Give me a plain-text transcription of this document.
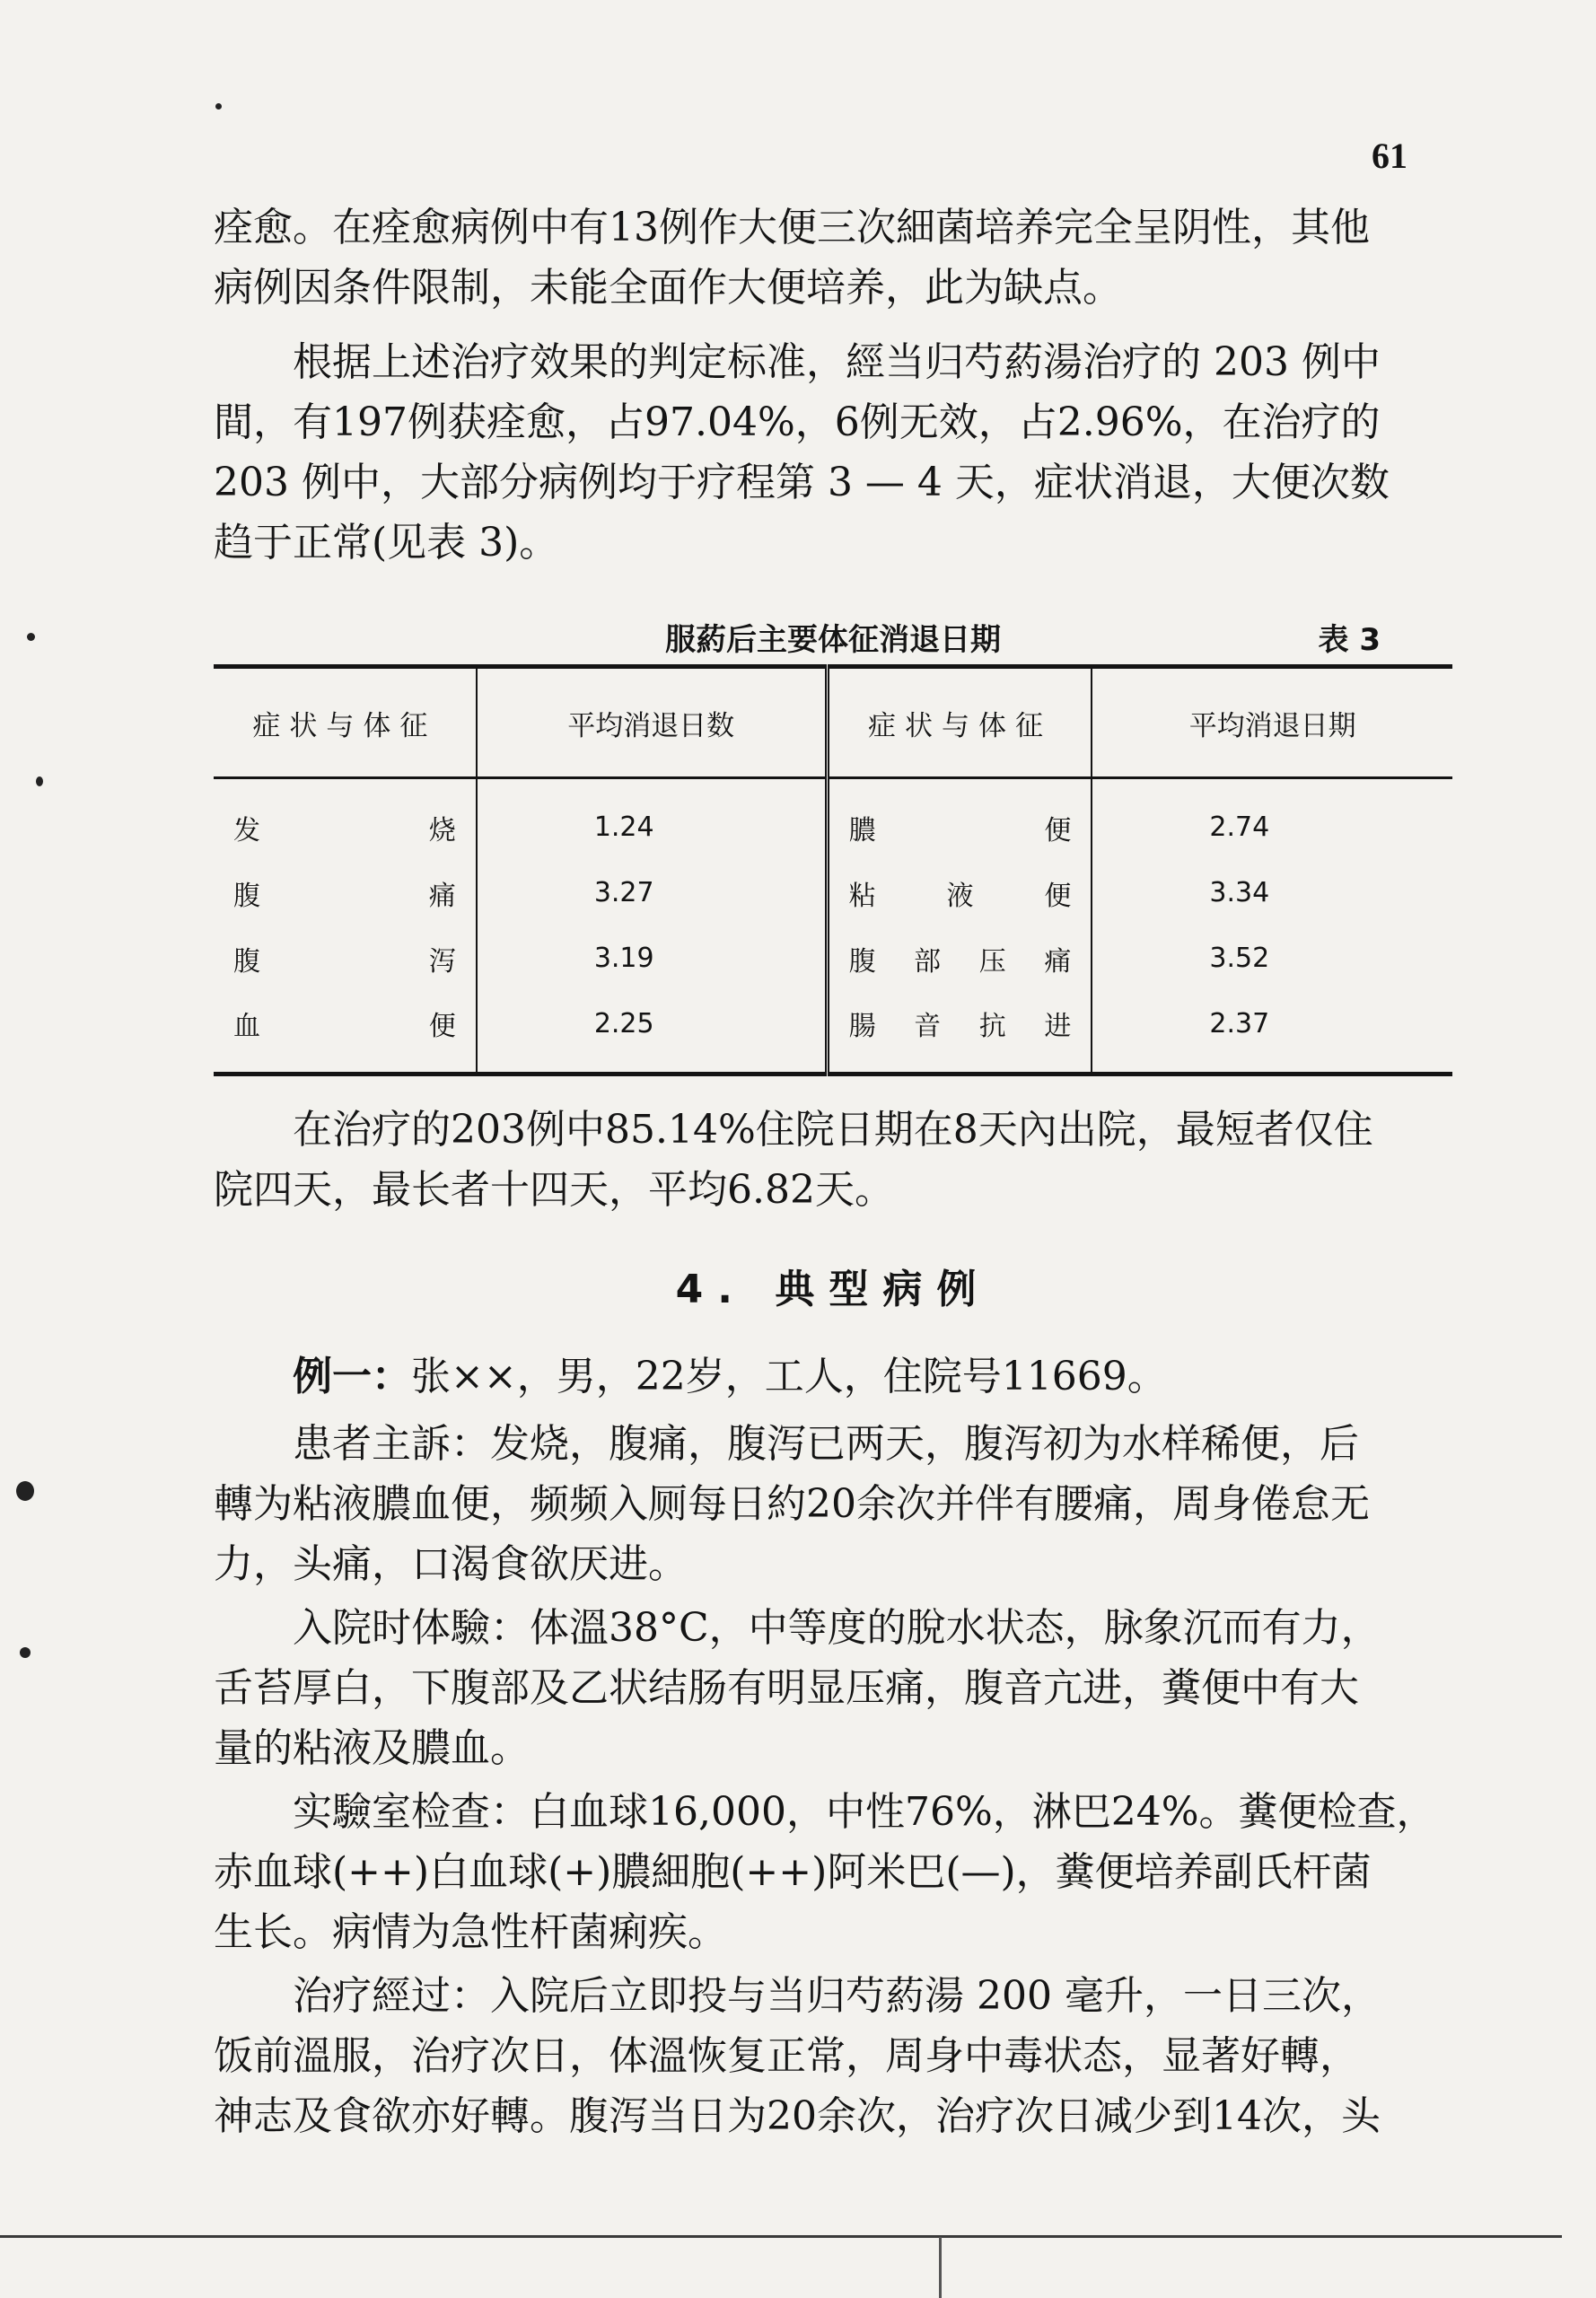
61

痊愈。在痊愈病例中有13例作大便三次細菌培养完全呈阴性，其他
病例因条件限制，未能全面作大便培养，此为缺点。

根据上述治疗效果的判定标准，經当归芍葯湯治疗的 203 例中
間，有197例获痊愈，占97.04%，6例无效，占2.96%，在治疗的
203 例中，大部分病例均于疗程第 3 — 4 天，症状消退，大便次数
趋于正常(见表 3)。

服葯后主要体征消退日期	表 3
症状与体征	平均消退日数	症状与体征	平均消退日期

发烧	1.24	膿便	2.74

腹痛	3.27	粘液便	3.34

腹泻	3.19	腹部压痛	3.52

血便	2.25	腸音抗进	2.37

在治疗的203例中85.14%住院日期在8天內出院，最短者仅住
院四天，最长者十四天，平均6.82天。

4. 典型病例

例一：张××，男，22岁，工人，住院号11669。

患者主訴：发烧，腹痛，腹泻已两天，腹泻初为水样稀便，后
轉为粘液膿血便，频频入厕每日約20余次并伴有腰痛，周身倦怠无
力，头痛，口渴食欲厌进。

入院时体驗：体溫38°C，中等度的脫水状态，脉象沉而有力，
舌苔厚白，下腹部及乙状结肠有明显压痛，腹音亢进，糞便中有大
量的粘液及膿血。

实驗室检查：白血球16,000，中性76%，淋巴24%。糞便检查，
赤血球(++)白血球(+)膿細胞(++)阿米巴(—)，糞便培养副氏杆菌
生长。病情为急性杆菌痢疾。

治疗經过：入院后立即投与当归芍葯湯 200 毫升，一日三次，
饭前溫服，治疗次日，体溫恢复正常，周身中毒状态，显著好轉，
神志及食欲亦好轉。腹泻当日为20余次，治疗次日减少到14次，头
